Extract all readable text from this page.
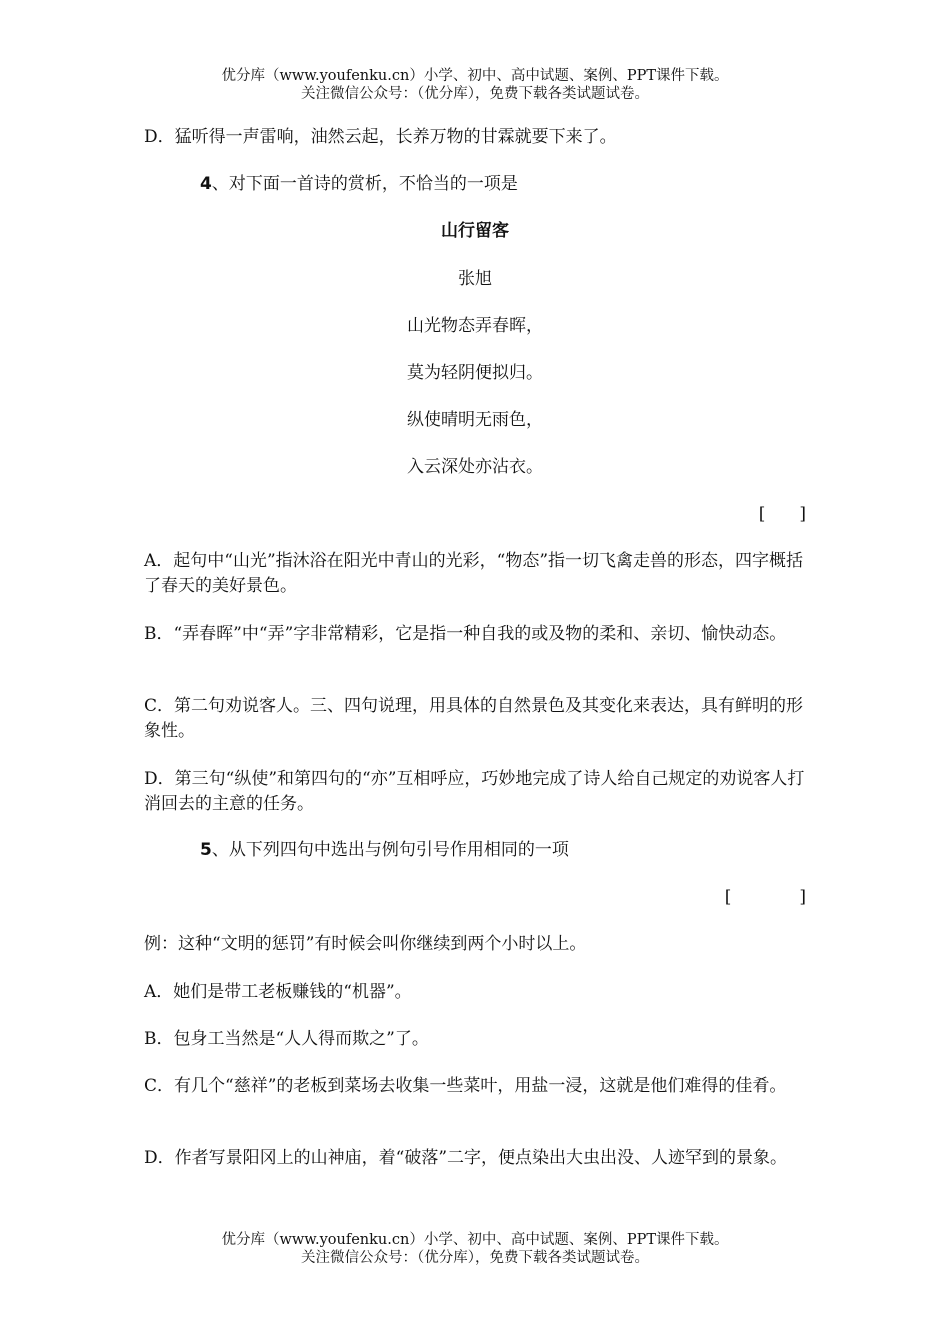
优分库（www.youfenku.cn）小学、初中、高中试题、案例、PPT课件下载。
关注微信公众号：（优分库），免费下载各类试题试卷。

D．猛听得一声雷响，油然云起，长养万物的甘霖就要下来了。

4、对下面一首诗的赏析，不恰当的一项是
山行留客
张旭
山光物态弄春晖，
莫为轻阴便拟归。
纵使晴明无雨色，
入云深处亦沾衣。
[　　]

A．起句中“山光”指沐浴在阳光中青山的光彩，“物态”指一切飞禽走兽的形态，四字概括了春天的美好景色。

B．“弄春晖”中“弄”字非常精彩，它是指一种自我的或及物的柔和、亲切、愉快动态。

C．第二句劝说客人。三、四句说理，用具体的自然景色及其变化来表达，具有鲜明的形象性。

D．第三句“纵使”和第四句的“亦”互相呼应，巧妙地完成了诗人给自己规定的劝说客人打消回去的主意的任务。

5、从下列四句中选出与例句引号作用相同的一项
[　　　　]

例：这种“文明的惩罚”有时候会叫你继续到两个小时以上。

A．她们是带工老板赚钱的“机器”。

B．包身工当然是“人人得而欺之”了。

C．有几个“慈祥”的老板到菜场去收集一些菜叶，用盐一浸，这就是他们难得的佳肴。

D．作者写景阳冈上的山神庙，着“破落”二字，便点染出大虫出没、人迹罕到的景象。

优分库（www.youfenku.cn）小学、初中、高中试题、案例、PPT课件下载。
关注微信公众号：（优分库），免费下载各类试题试卷。
